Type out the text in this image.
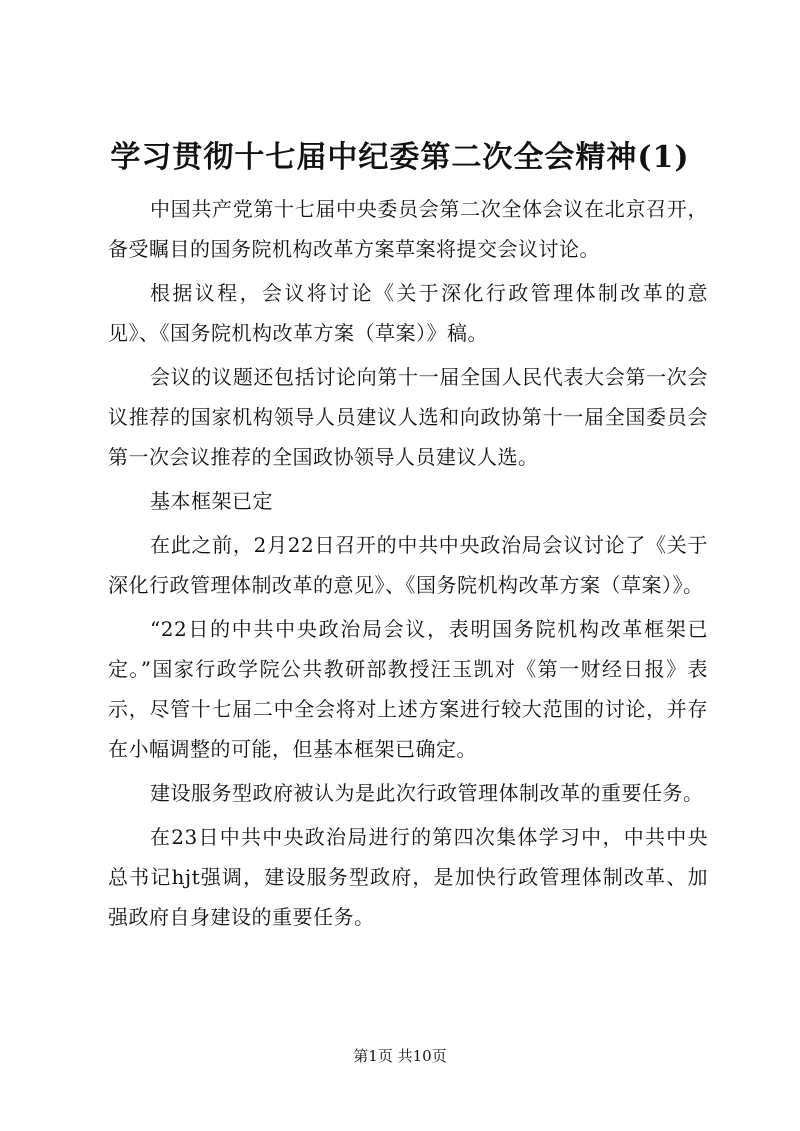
学习贯彻十七届中纪委第二次全会精神(1)

中国共产党第十七届中央委员会第二次全体会议在北京召开，备受瞩目的国务院机构改革方案草案将提交会议讨论。

根据议程，会议将讨论《关于深化行政管理体制改革的意见》、《国务院机构改革方案（草案）》稿。

会议的议题还包括讨论向第十一届全国人民代表大会第一次会议推荐的国家机构领导人员建议人选和向政协第十一届全国委员会第一次会议推荐的全国政协领导人员建议人选。

基本框架已定

在此之前，2月22日召开的中共中央政治局会议讨论了《关于深化行政管理体制改革的意见》、《国务院机构改革方案（草案）》。

“22日的中共中央政治局会议，表明国务院机构改革框架已定。”国家行政学院公共教研部教授汪玉凯对《第一财经日报》表示，尽管十七届二中全会将对上述方案进行较大范围的讨论，并存在小幅调整的可能，但基本框架已确定。

建设服务型政府被认为是此次行政管理体制改革的重要任务。

在23日中共中央政治局进行的第四次集体学习中，中共中央总书记hjt强调，建设服务型政府，是加快行政管理体制改革、加强政府自身建设的重要任务。

第1页 共10页
